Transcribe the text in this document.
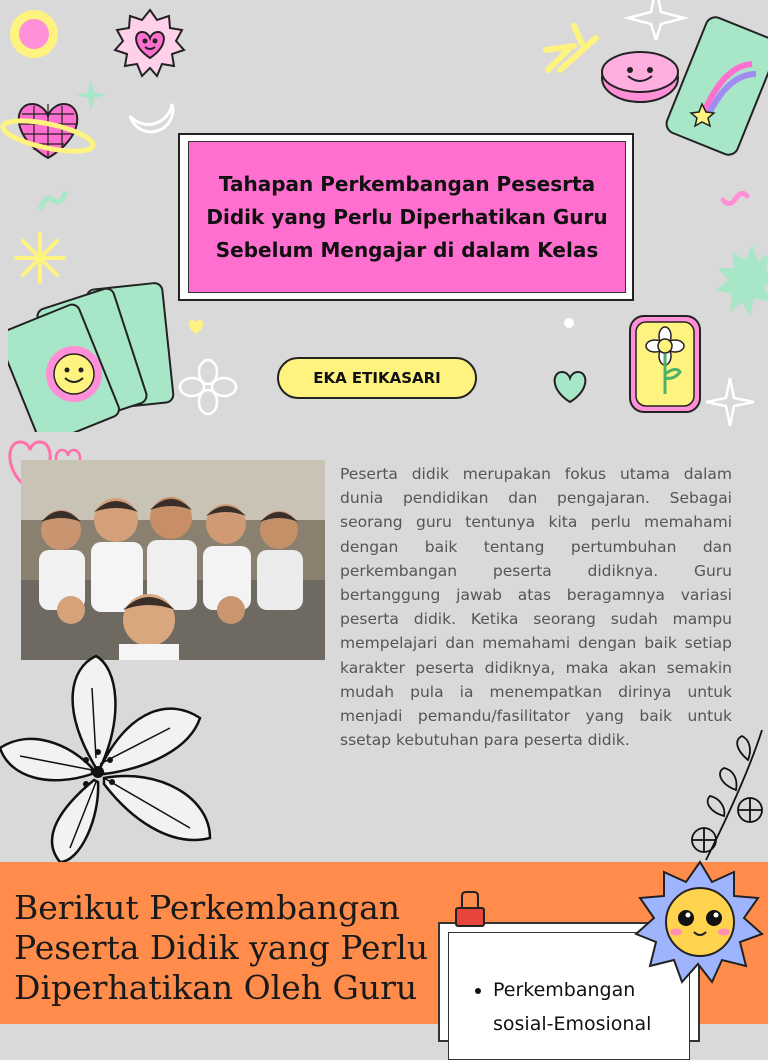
Tahapan Perkembangan Pesesrta Didik yang Perlu Diperhatikan Guru Sebelum Mengajar di dalam Kelas
EKA ETIKASARI
Peserta didik merupakan fokus utama dalam dunia pendidikan dan pengajaran. Sebagai seorang guru tentunya kita perlu memahami dengan baik tentang pertumbuhan dan perkembangan peserta didiknya. Guru bertanggung jawab atas beragamnya variasi peserta didik. Ketika seorang sudah mampu mempelajari dan memahami dengan baik setiap karakter peserta didiknya, maka akan semakin mudah pula ia menempatkan dirinya untuk menjadi pemandu/fasilitator yang baik untuk ssetap kebutuhan para peserta didik.
Berikut Perkembangan Peserta Didik yang Perlu Diperhatikan Oleh Guru
•	Perkembangan
sosial-Emosional
